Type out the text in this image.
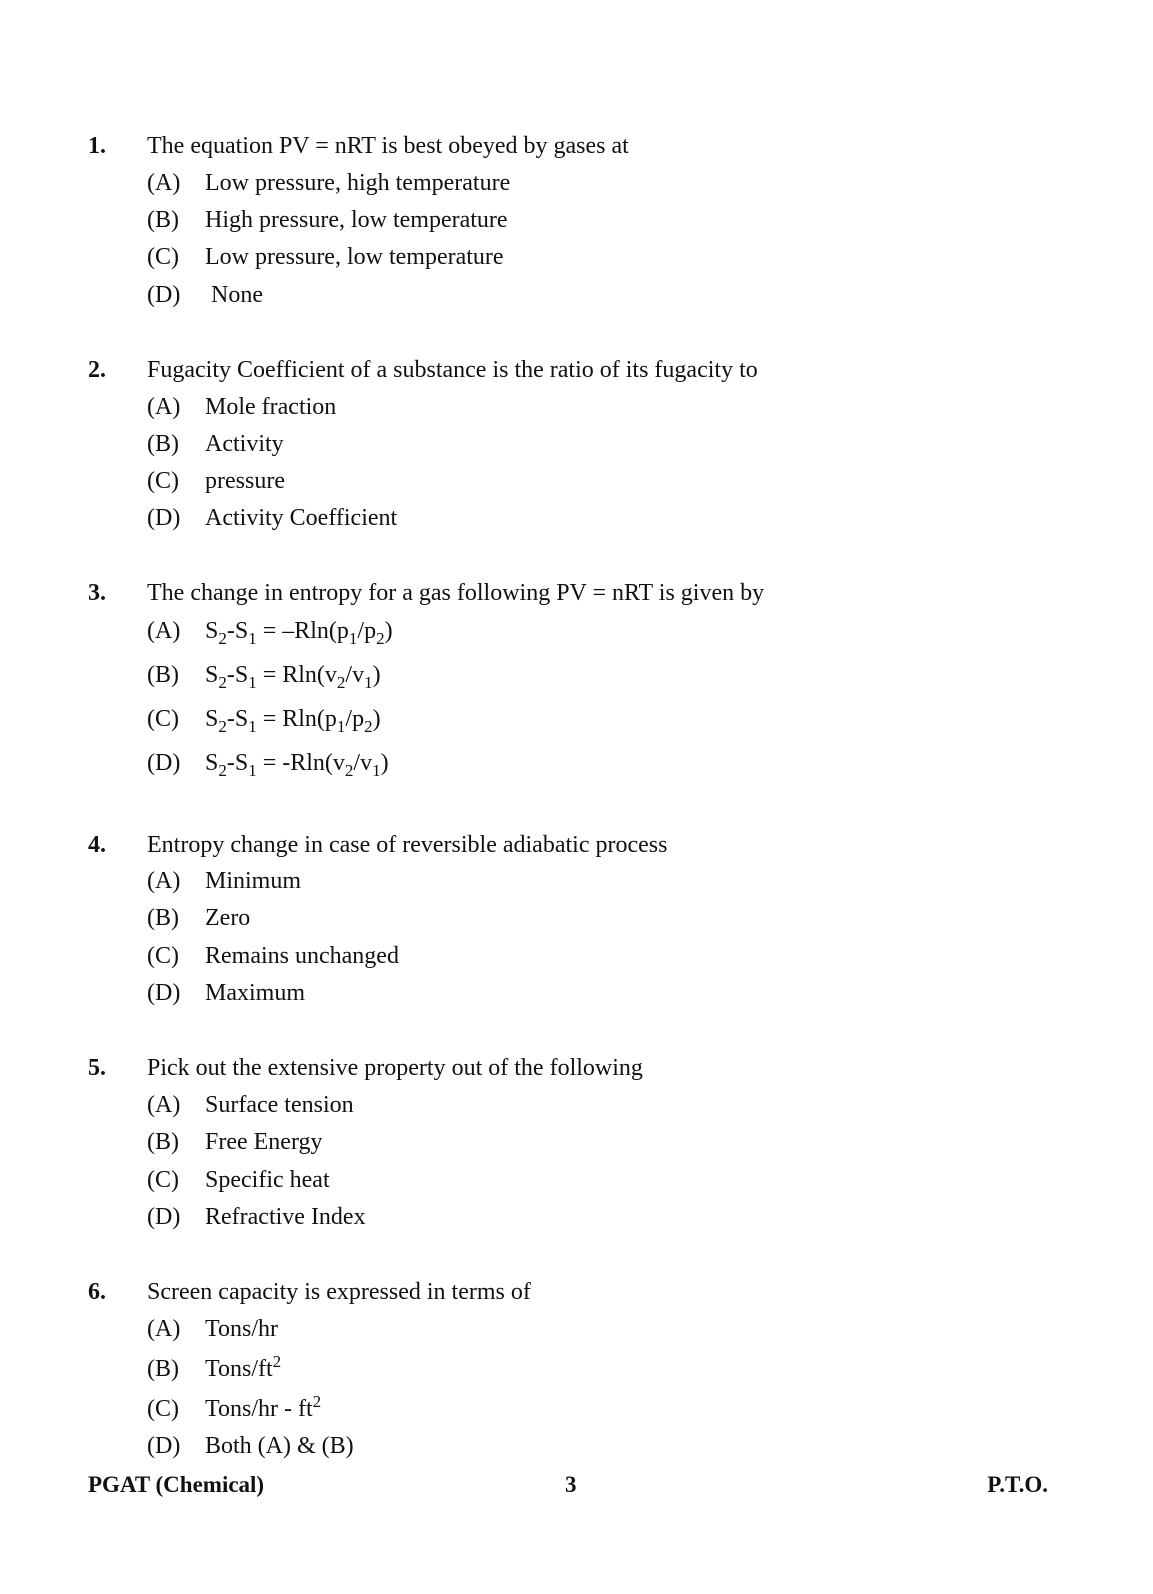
1. The equation PV = nRT is best obeyed by gases at
(A) Low pressure, high temperature
(B) High pressure, low temperature
(C) Low pressure, low temperature
(D) None
2. Fugacity Coefficient of a substance is the ratio of its fugacity to
(A) Mole fraction
(B) Activity
(C) pressure
(D) Activity Coefficient
3. The change in entropy for a gas following PV = nRT is given by
(A) $S_2-S_1 = -Rln(p_1/p_2)$
(B) $S_2-S_1 = Rln(v_2/v_1)$
(C) $S_2-S_1 = Rln(p_1/p_2)$
(D) $S_2-S_1 = -Rln(v_2/v_1)$
4. Entropy change in case of reversible adiabatic process
(A) Minimum
(B) Zero
(C) Remains unchanged
(D) Maximum
5. Pick out the extensive property out of the following
(A) Surface tension
(B) Free Energy
(C) Specific heat
(D) Refractive Index
6. Screen capacity is expressed in terms of
(A) Tons/hr
(B) Tons/$ft^2$
(C) Tons/hr - $ft^2$
(D) Both (A) & (B)
PGAT (Chemical)	3	P.T.O.
